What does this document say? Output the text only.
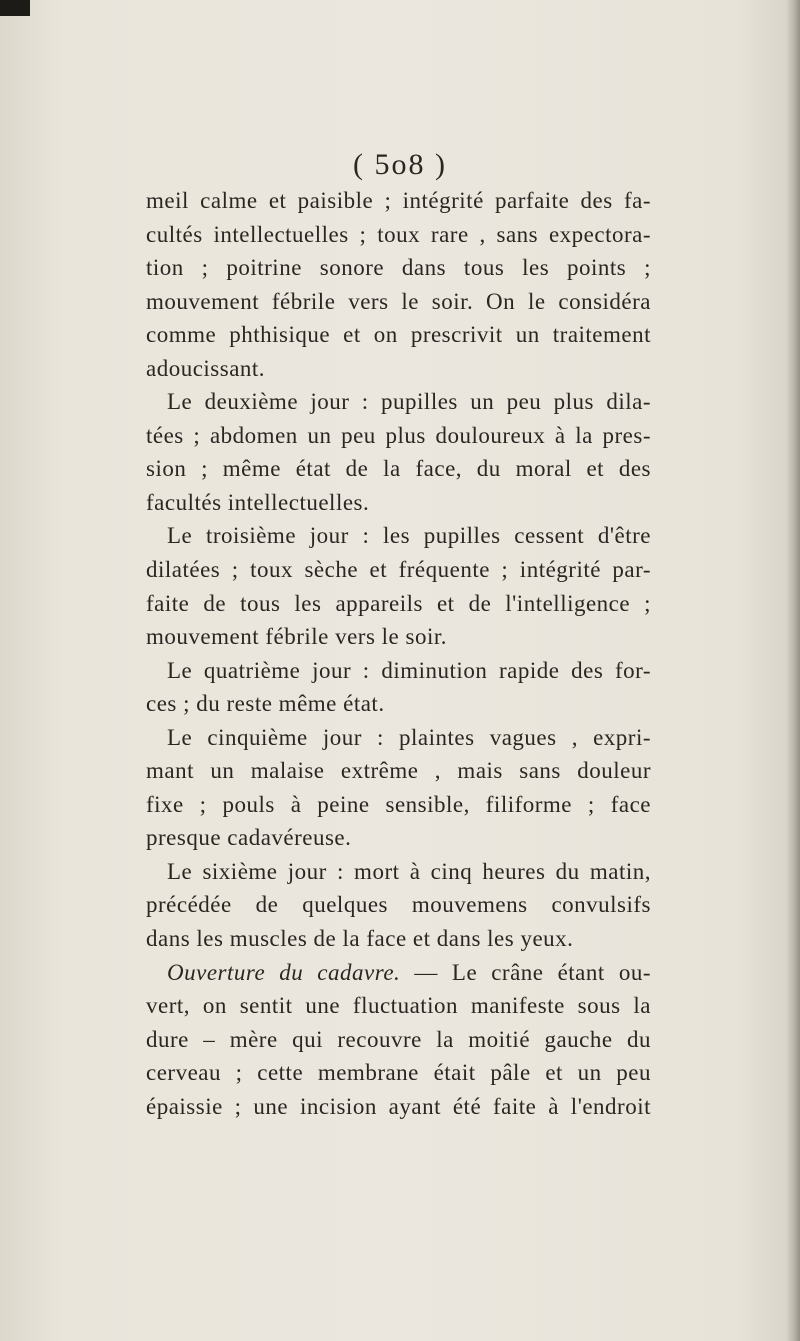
( 5o8 )
meil calme et paisible ; intégrité parfaite des fa-
cultés intellectuelles ; toux rare , sans expectora-
tion ; poitrine sonore dans tous les points ;
mouvement fébrile vers le soir. On le considéra
comme phthisique et on prescrivit un traitement
adoucissant.
Le deuxième jour : pupilles un peu plus dila-
tées ; abdomen un peu plus douloureux à la pres-
sion ; même état de la face, du moral et des
facultés intellectuelles.
Le troisième jour : les pupilles cessent d'être
dilatées ; toux sèche et fréquente ; intégrité par-
faite de tous les appareils et de l'intelligence ;
mouvement fébrile vers le soir.
Le quatrième jour : diminution rapide des for-
ces ; du reste même état.
Le cinquième jour : plaintes vagues , expri-
mant un malaise extrême , mais sans douleur
fixe ; pouls à peine sensible, filiforme ; face
presque cadavéreuse.
Le sixième jour : mort à cinq heures du matin,
précédée de quelques mouvemens convulsifs
dans les muscles de la face et dans les yeux.
Ouverture du cadavre. — Le crâne étant ou-
vert, on sentit une fluctuation manifeste sous la
dure – mère qui recouvre la moitié gauche du
cerveau ; cette membrane était pâle et un peu
épaissie ; une incision ayant été faite à l'endroit
